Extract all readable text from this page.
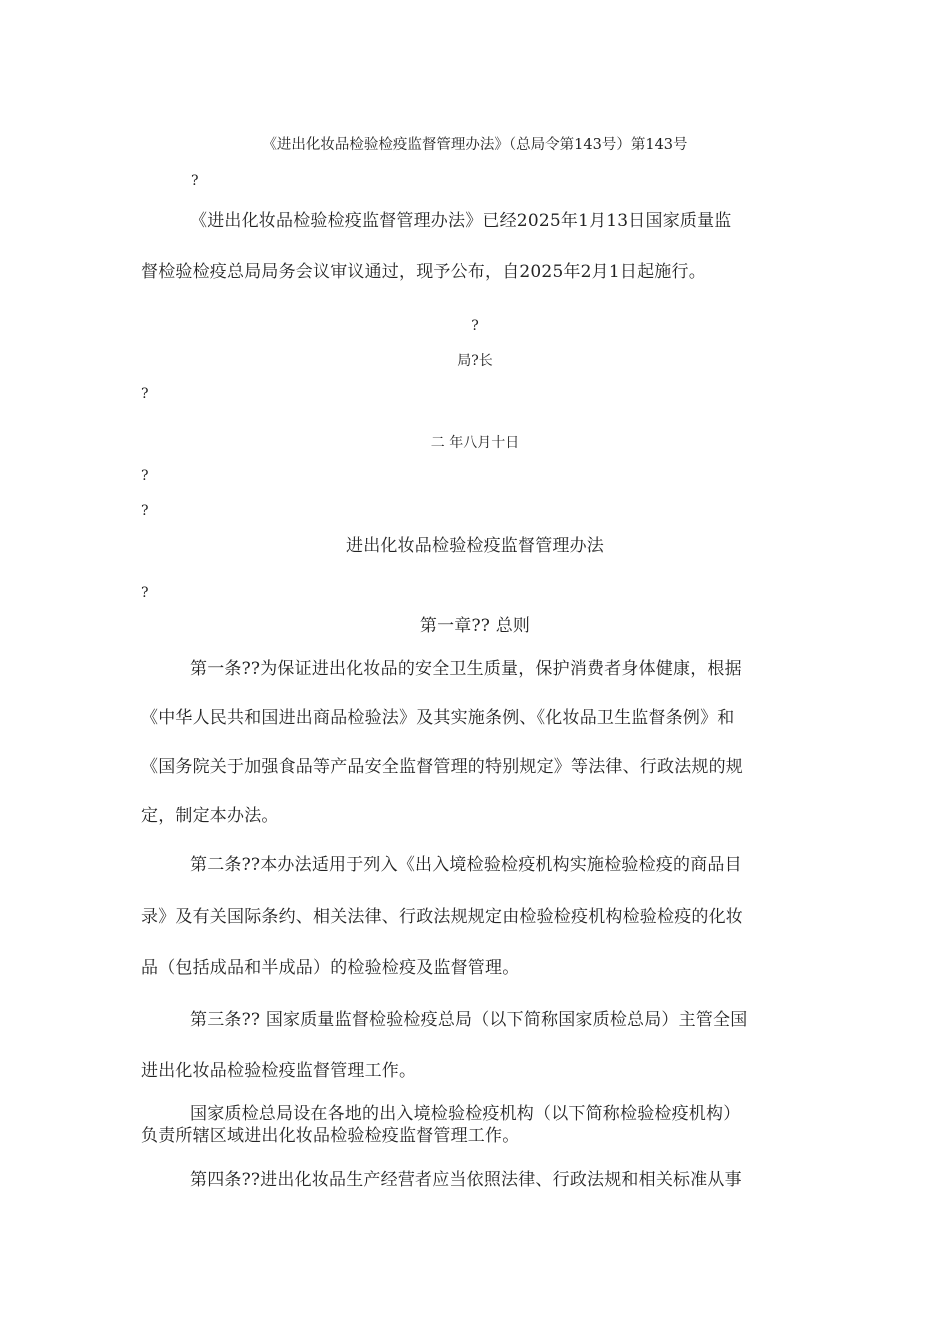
《进出化妆品检验检疫监督管理办法》（总局令第143号）第143号
?
《进出化妆品检验检疫监督管理办法》已经2025年1月13日国家质量监
督检验检疫总局局务会议审议通过，现予公布，自2025年2月1日起施行。
?
局?长
?
二 年八月十日
?
?
进出化妆品检验检疫监督管理办法
?
第一章?? 总则
第一条??为保证进出化妆品的安全卫生质量，保护消费者身体健康，根据
《中华人民共和国进出商品检验法》及其实施条例、《化妆品卫生监督条例》和
《国务院关于加强食品等产品安全监督管理的特别规定》等法律、行政法规的规
定，制定本办法。
第二条??本办法适用于列入《出入境检验检疫机构实施检验检疫的商品目
录》及有关国际条约、相关法律、行政法规规定由检验检疫机构检验检疫的化妆
品（包括成品和半成品）的检验检疫及监督管理。
第三条?? 国家质量监督检验检疫总局（以下简称国家质检总局）主管全国
进出化妆品检验检疫监督管理工作。
国家质检总局设在各地的出入境检验检疫机构（以下简称检验检疫机构）
负责所辖区域进出化妆品检验检疫监督管理工作。
第四条??进出化妆品生产经营者应当依照法律、行政法规和相关标准从事
